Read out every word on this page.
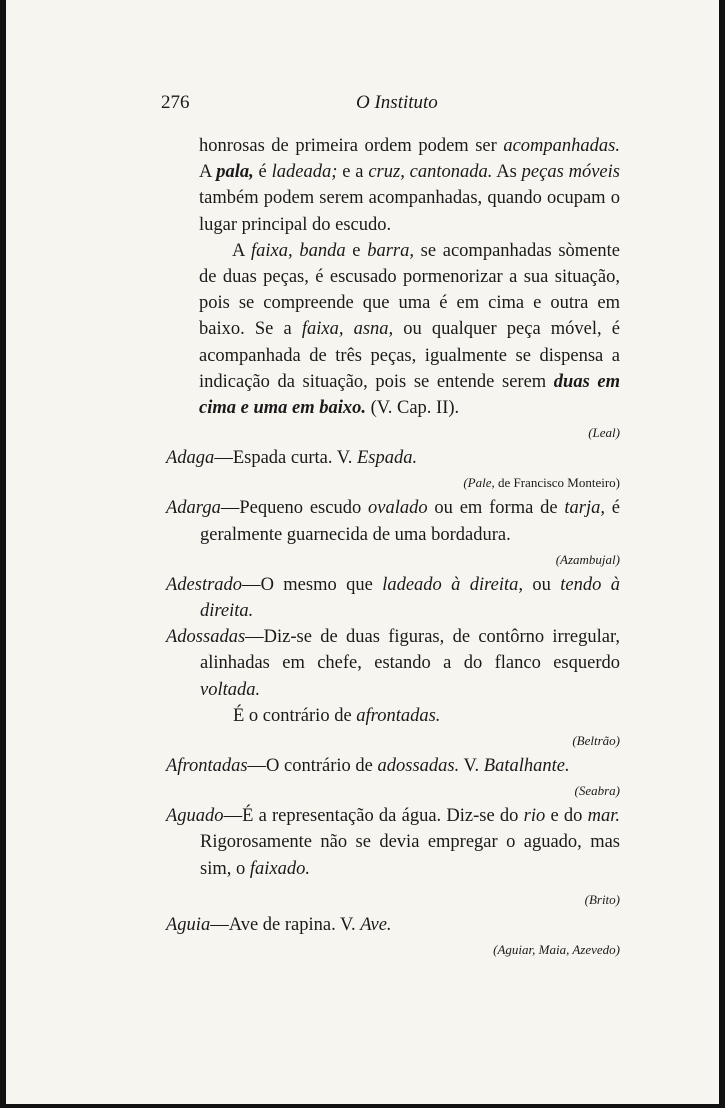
276	O Instituto

honrosas de primeira ordem podem ser acompanhadas. A pala, é ladeada; e a cruz, cantonada. As peças móveis também podem serem acompanhadas, quando ocupam o lugar principal do escudo.

A faixa, banda e barra, se acompanhadas sòmente de duas peças, é escusado pormenorizar a sua situação, pois se compreende que uma é em cima e outra em baixo. Se a faixa, asna, ou qualquer peça móvel, é acompanhada de três peças, igualmente se dispensa a indicação da situação, pois se entende serem duas em cima e uma em baixo. (V. Cap. II).

(Leal)

Adaga—Espada curta. V. Espada.

(Pale, de Francisco Monteiro)

Adarga—Pequeno escudo ovalado ou em forma de tarja, é geralmente guarnecida de uma bordadura.

(Azambujal)

Adestrado—O mesmo que ladeado à direita, ou tendo à direita.

Adossadas—Diz-se de duas figuras, de contôrno irregular, alinhadas em chefe, estando a do flanco esquerdo voltada.

É o contrário de afrontadas.

(Beltrão)

Afrontadas—O contrário de adossadas. V. Batalhante.

(Seabra)

Aguado—É a representação da água. Diz-se do rio e do mar. Rigorosamente não se devia empregar o aguado, mas sim, o faixado.

(Brito)

Aguia—Ave de rapina. V. Ave.

(Aguiar, Maia, Azevedo)
